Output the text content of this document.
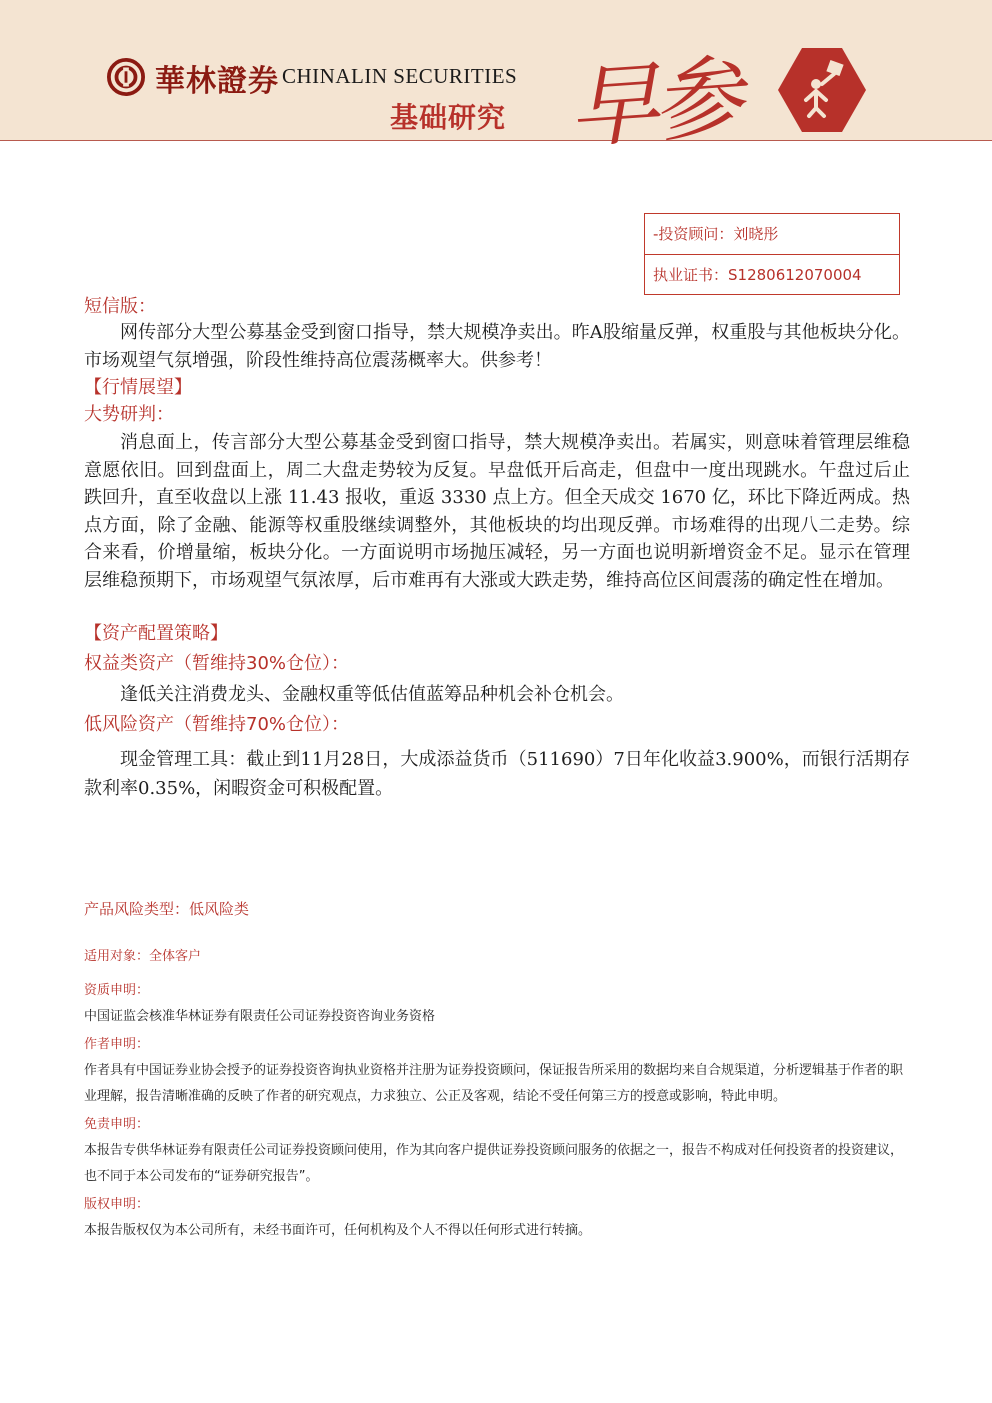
華林證券 CHINALIN SECURITIES
基础研究 早参
-投资顾问：刘晓彤
执业证书：S1280612070004
短信版：

网传部分大型公募基金受到窗口指导，禁大规模净卖出。昨A股缩量反弹，权重股与其他板块分化。市场观望气氛增强，阶段性维持高位震荡概率大。供参考！

【行情展望】
大势研判：

消息面上，传言部分大型公募基金受到窗口指导，禁大规模净卖出。若属实，则意味着管理层维稳意愿依旧。回到盘面上，周二大盘走势较为反复。早盘低开后高走，但盘中一度出现跳水。午盘过后止跌回升，直至收盘以上涨 11.43 报收，重返 3330 点上方。但全天成交 1670 亿，环比下降近两成。热点方面，除了金融、能源等权重股继续调整外，其他板块的均出现反弹。市场难得的出现八二走势。综合来看，价增量缩，板块分化。一方面说明市场抛压减轻，另一方面也说明新增资金不足。显示在管理层维稳预期下，市场观望气氛浓厚，后市难再有大涨或大跌走势，维持高位区间震荡的确定性在增加。

【资产配置策略】
权益类资产（暂维持30%仓位）：

逢低关注消费龙头、金融权重等低估值蓝筹品种机会补仓机会。

低风险资产（暂维持70%仓位）：

现金管理工具：截止到11月28日，大成添益货币（511690）7日年化收益3.900%，而银行活期存款利率0.35%，闲暇资金可积极配置。

产品风险类型：低风险类
适用对象：全体客户
资质申明：
中国证监会核准华林证券有限责任公司证券投资咨询业务资格
作者申明：
作者具有中国证券业协会授予的证券投资咨询执业资格并注册为证券投资顾问，保证报告所采用的数据均来自合规渠道，分析逻辑基于作者的职业理解，报告清晰准确的反映了作者的研究观点，力求独立、公正及客观，结论不受任何第三方的授意或影响，特此申明。
免责申明：
本报告专供华林证券有限责任公司证券投资顾问使用，作为其向客户提供证券投资顾问服务的依据之一，报告不构成对任何投资者的投资建议，也不同于本公司发布的“证券研究报告”。
版权申明：
本报告版权仅为本公司所有，未经书面许可，任何机构及个人不得以任何形式进行转摘。
